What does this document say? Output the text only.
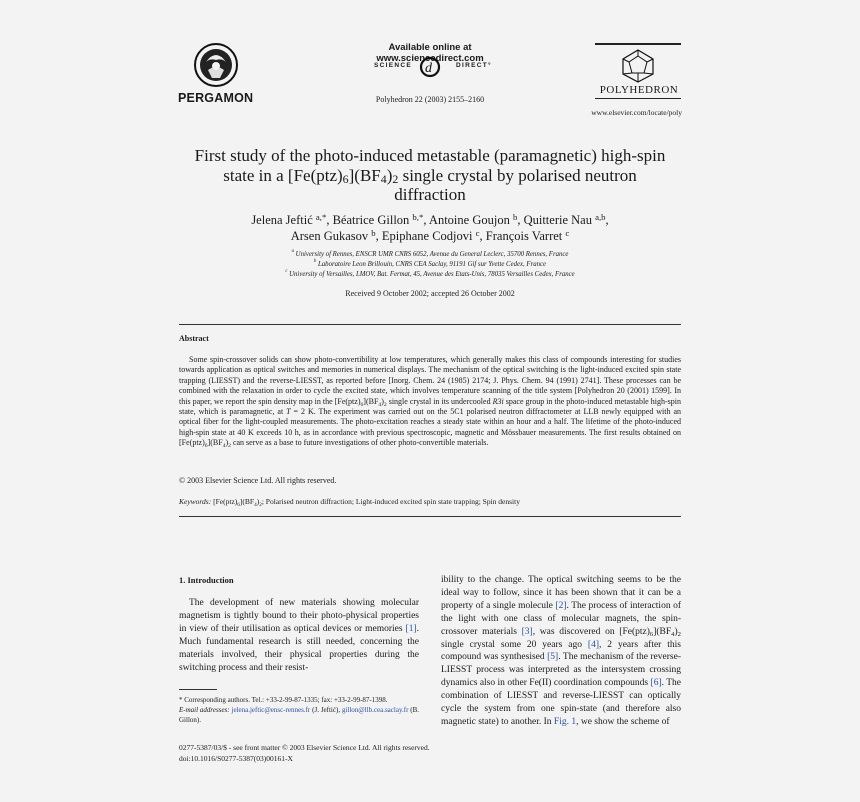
PERGAMON
Available online at www.sciencedirect.com
d
SCIENCE	DIRECT°
Polyhedron 22 (2003) 2155–2160
POLYHEDRON
www.elsevier.com/locate/poly
First study of the photo-induced metastable (paramagnetic) high-spin
state in a $[Fe(ptz)_6](BF_4)_2$ single crystal by polarised neutron
diffraction
Jelena Jeftić $^{a,*}$, Béatrice Gillon $^{b,*}$, Antoine Goujon $^b$, Quitterie Nau $^{a,b}$,
Arsen Gukasov $^b$, Epiphane Codjovi $^c$, François Varret $^c$
$^a$ University of Rennes, ENSCR UMR CNRS 6052, Avenue du General Leclerc, 35700 Rennes, France
$^b$ Laboratoire Leon Brillouin, CNRS CEA Saclay, 91191 Gif sur Yvette Cedex, France
$^c$ University of Versailles, LMOV, Bat. Fermat, 45, Avenue des Etats-Unis, 78035 Versailles Cedex, France
Received 9 October 2002; accepted 26 October 2002
Abstract
Some spin-crossover solids can show photo-convertibility at low temperatures, which generally makes this class of compounds interesting for studies towards application as optical switches and memories in numerical displays. The mechanism of the optical switching is the light-induced excited spin state trapping (LIESST) and the reverse-LIESST, as reported before [Inorg. Chem. 24 (1985) 2174; J. Phys. Chem. 94 (1991) 2741]. These processes can be combined with the relaxation in order to cycle the excited state, which involves temperature scanning of the title system [Polyhedron 20 (2001) 1599]. In this paper, we report the spin density map in the $[Fe(ptz)_6](BF_4)_2$ single crystal in its undercooled R3i space group in the photo-induced metastable high-spin state, which is paramagnetic, at T = 2 K. The experiment was carried out on the 5C1 polarised neutron diffractometer at LLB newly equipped with an optical fiber for the light-coupled measurements. The photo-excitation reaches a steady state within an hour and a half. The lifetime of the photo-induced high-spin state at 40 K exceeds 10 h, as in accordance with previous spectroscopic, magnetic and Mössbauer measurements. The first results obtained on $[Fe(ptz)_6](BF_4)_2$ can serve as a base to future investigations of other photo-convertible materials.
© 2003 Elsevier Science Ltd. All rights reserved.
Keywords: $[Fe(ptz)_6](BF_4)_2$; Polarised neutron diffraction; Light-induced excited spin state trapping; Spin density
1. Introduction
The development of new materials showing molecular magnetism is tightly bound to their photo-physical properties in view of their utilisation as optical devices or memories [1]. Much fundamental research is still needed, concerning the materials involved, their physical properties during the switching process and their resist-
ibility to the change. The optical switching seems to be the ideal way to follow, since it has been shown that it can be a property of a single molecule [2]. The process of interaction of the light with one class of molecular magnets, the spin-crossover materials [3], was discovered on $[Fe(ptz)_6](BF_4)_2$ single crystal some 20 years ago [4], 2 years after this compound was synthesised [5]. The mechanism of the reverse-LIESST process was interpreted as the intersystem crossing dynamics also in other Fe(II) coordination compounds [6]. The combination of LIESST and reverse-LIESST can optically cycle the system from one spin-state (and therefore also magnetic state) to another. In Fig. 1, we show the scheme of
* Corresponding authors. Tel.: +33-2-99-87-1335; fax: +33-2-99-87-1398.
E-mail addresses: jelena.jeftic@ensc-rennes.fr (J. Jeftić), gillon@llb.cea.saclay.fr (B. Gillon).
0277-5387/03/$ - see front matter © 2003 Elsevier Science Ltd. All rights reserved.
doi:10.1016/S0277-5387(03)00161-X
